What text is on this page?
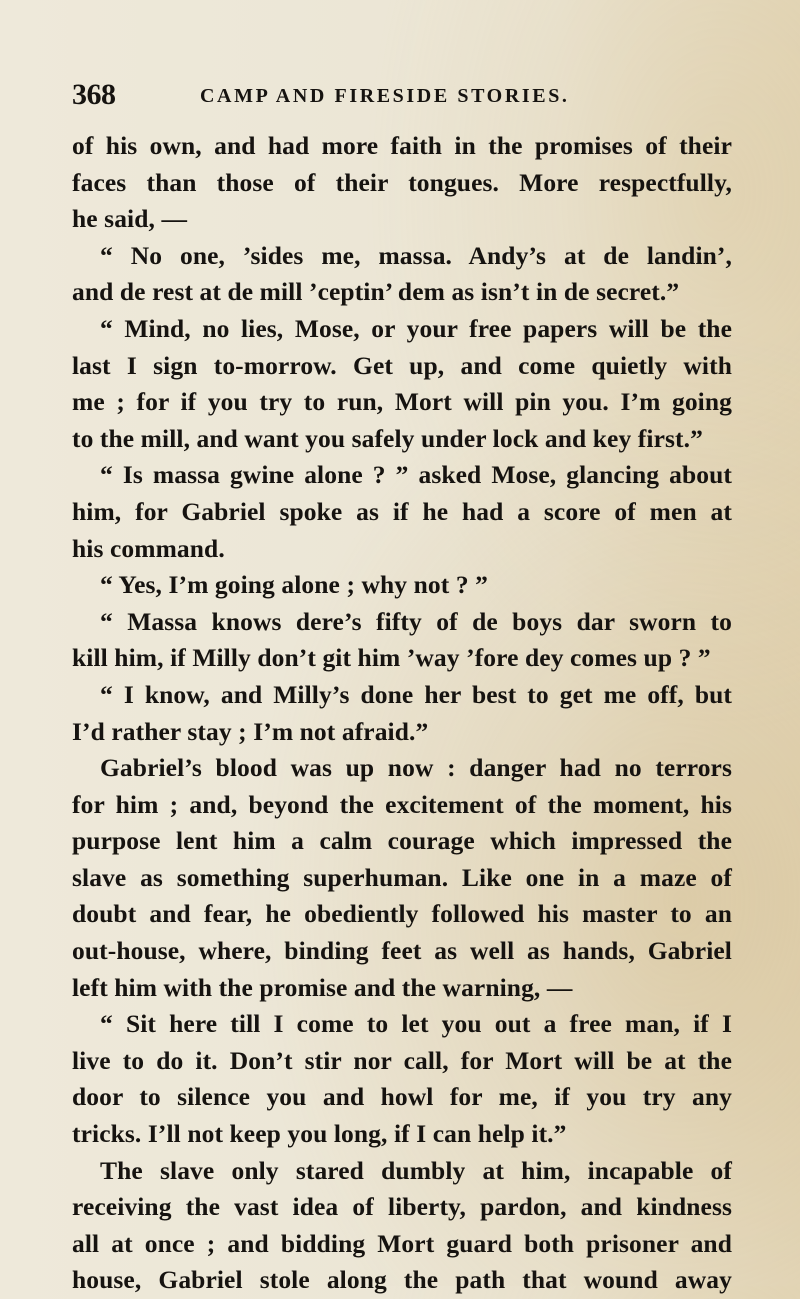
368	CAMP AND FIRESIDE STORIES.
of his own, and had more faith in the promises of their
faces than those of their tongues. More respectfully,
he said, —
“ No one, ’sides me, massa. Andy’s at de landin’,
and de rest at de mill ’ceptin’ dem as isn’t in de secret.”
“ Mind, no lies, Mose, or your free papers will be the
last I sign to-morrow. Get up, and come quietly with
me ; for if you try to run, Mort will pin you. I’m going
to the mill, and want you safely under lock and key first.”
“ Is massa gwine alone ? ” asked Mose, glancing about
him, for Gabriel spoke as if he had a score of men at
his command.
“ Yes, I’m going alone ; why not ? ”
“ Massa knows dere’s fifty of de boys dar sworn to
kill him, if Milly don’t git him ’way ’fore dey comes up ? ”
“ I know, and Milly’s done her best to get me off, but
I’d rather stay ; I’m not afraid.”
Gabriel’s blood was up now : danger had no terrors
for him ; and, beyond the excitement of the moment, his
purpose lent him a calm courage which impressed the
slave as something superhuman. Like one in a maze of
doubt and fear, he obediently followed his master to an
out-house, where, binding feet as well as hands, Gabriel
left him with the promise and the warning, —
“ Sit here till I come to let you out a free man, if I
live to do it. Don’t stir nor call, for Mort will be at the
door to silence you and howl for me, if you try any
tricks. I’ll not keep you long, if I can help it.”
The slave only stared dumbly at him, incapable of
receiving the vast idea of liberty, pardon, and kindness
all at once ; and bidding Mort guard both prisoner and
house, Gabriel stole along the path that wound away
